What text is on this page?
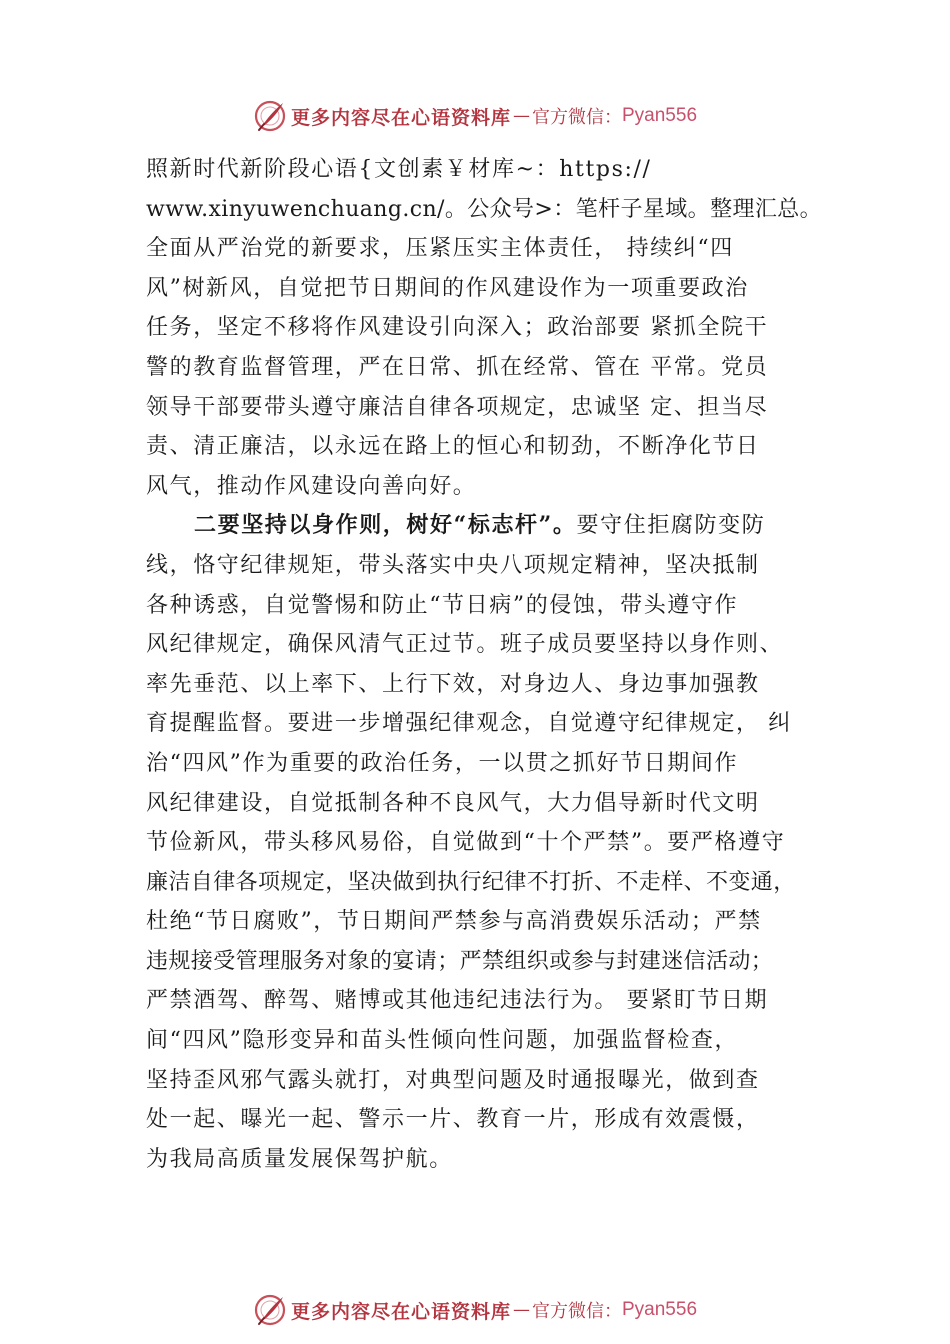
更多内容尽在心语资料库 — 官方微信： Pyan556
照新时代新阶段心语{文创素￥材库~：https://
www.xinyuwenchuang.cn/。公众号>：笔杆子星域。整理汇总。
全面从严治党的新要求，压紧压实主体责任， 持续纠“四
风”树新风，自觉把节日期间的作风建设作为一项重要政治
任务，坚定不移将作风建设引向深入；政治部要 紧抓全院干
警的教育监督管理，严在日常、抓在经常、管在 平常。党员
领导干部要带头遵守廉洁自律各项规定，忠诚坚 定、担当尽
责、清正廉洁，以永远在路上的恒心和韧劲，不断净化节日
风气，推动作风建设向善向好。
二要坚持以身作则，树好“标志杆”。要守住拒腐防变防
线，恪守纪律规矩，带头落实中央八项规定精神，坚决抵制
各种诱惑，自觉警惕和防止“节日病”的侵蚀，带头遵守作
风纪律规定，确保风清气正过节。班子成员要坚持以身作则、
率先垂范、以上率下、上行下效，对身边人、身边事加强教
育提醒监督。要进一步增强纪律观念，自觉遵守纪律规定， 纠
治“四风”作为重要的政治任务，一以贯之抓好节日期间作
风纪律建设，自觉抵制各种不良风气，大力倡导新时代文明
节俭新风，带头移风易俗，自觉做到“十个严禁”。要严格遵守
廉洁自律各项规定，坚决做到执行纪律不打折、不走样、不变通，
杜绝“节日腐败”，节日期间严禁参与高消费娱乐活动；严禁
违规接受管理服务对象的宴请；严禁组织或参与封建迷信活动；
严禁酒驾、醉驾、赌博或其他违纪违法行为。 要紧盯节日期
间“四风”隐形变异和苗头性倾向性问题，加强监督检查，
坚持歪风邪气露头就打，对典型问题及时通报曝光，做到查
处一起、曝光一起、警示一片、教育一片，形成有效震慑，
为我局高质量发展保驾护航。
更多内容尽在心语资料库 — 官方微信： Pyan556
